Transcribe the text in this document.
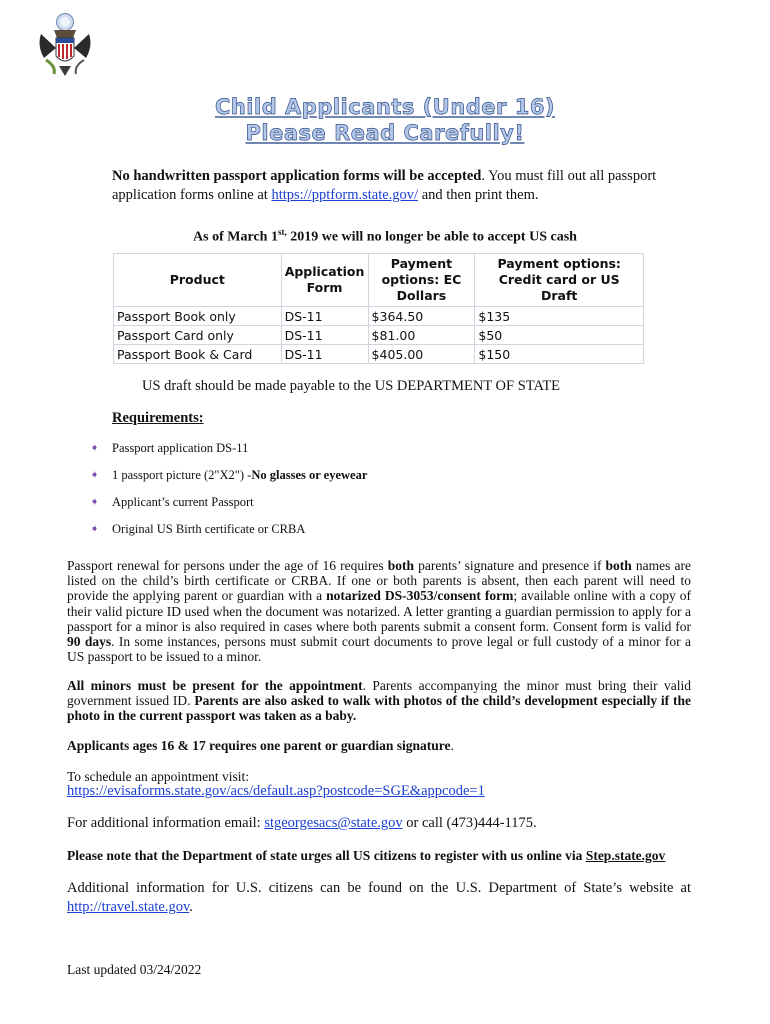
Child Applicants (Under 16)
Please Read Carefully!
No handwritten passport application forms will be accepted. You must fill out all passport application forms online at https://pptform.state.gov/ and then print them.
As of March $1^{st,}$ 2019 we will no longer be able to accept US cash
Product	Application Form	Payment options: EC Dollars	Payment options: Credit card or US Draft
Passport Book only	DS-11	$364.50	$135
Passport Card only	DS-11	$81.00	$50
Passport Book & Card	DS-11	$405.00	$150
US draft should be made payable to the US DEPARTMENT OF STATE
Requirements:
➧	Passport application DS-11
➧	1 passport picture (2"X2") - No glasses or eyewear
➧	Applicant’s current Passport
➧	Original US Birth certificate or CRBA
Passport renewal for persons under the age of 16 requires both parents’ signature and presence if both names are listed on the child’s birth certificate or CRBA. If one or both parents is absent, then each parent will need to provide the applying parent or guardian with a notarized DS-3053/consent form; available online with a copy of their valid picture ID used when the document was notarized. A letter granting a guardian permission to apply for a passport for a minor is also required in cases where both parents submit a consent form. Consent form is valid for 90 days. In some instances, persons must submit court documents to prove legal or full custody of a minor for a US passport to be issued to a minor.
All minors must be present for the appointment. Parents accompanying the minor must bring their valid government issued ID. Parents are also asked to walk with photos of the child’s development especially if the photo in the current passport was taken as a baby.
Applicants ages 16 & 17 requires one parent or guardian signature.
To schedule an appointment visit:
https://evisaforms.state.gov/acs/default.asp?postcode=SGE&appcode=1
For additional information email: stgeorgesacs@state.gov or call (473)444-1175.
Please note that the Department of state urges all US citizens to register with us online via Step.state.gov
Additional information for U.S. citizens can be found on the U.S. Department of State’s website at http://travel.state.gov.
Last updated 03/24/2022
